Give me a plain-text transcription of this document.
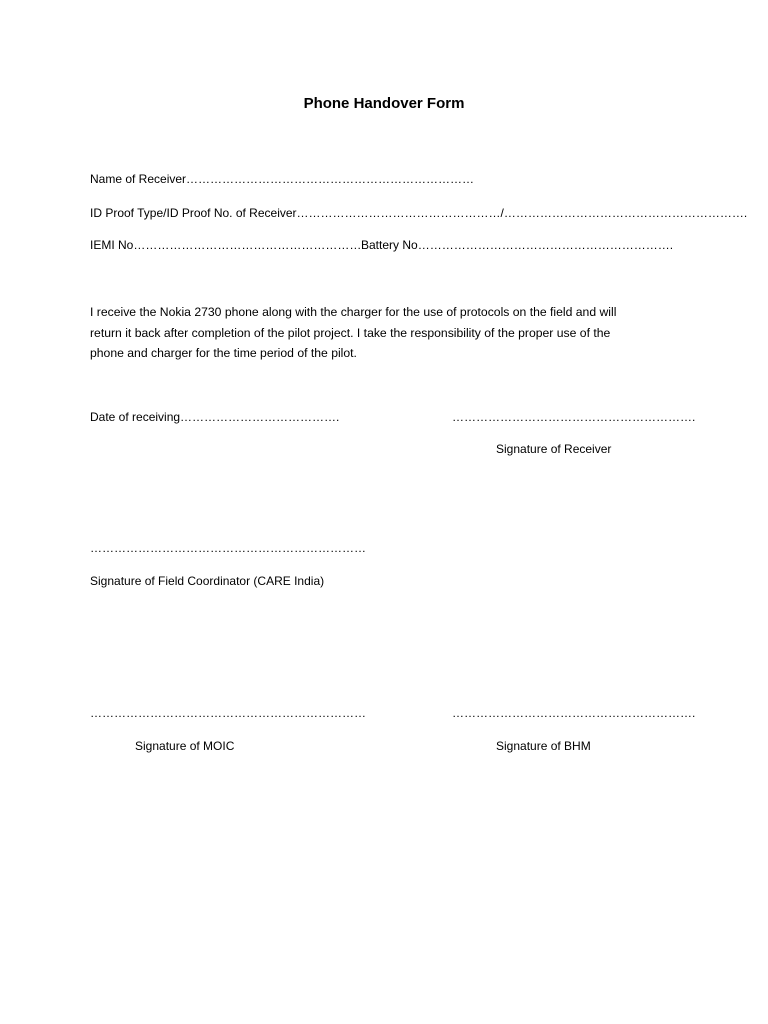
Phone Handover Form
Name of Receiver………………………………………………………………
ID Proof Type/ID Proof No. of Receiver……………………………………………/…………………………………………………….
IEMI No………………………………………………… Battery No……………………………………………………….
I receive the Nokia 2730 phone along with the charger for the use of protocols on the field and will
return it back after completion of the pilot project. I take the responsibility of the proper use of the
phone and charger for the time period of the pilot.
Date of receiving………………………………….	…………………………………………………….
Signature of Receiver
……………………………………………………………
Signature of Field Coordinator (CARE India)
……………………………………………………………	…………………………………………………….
Signature of MOIC	Signature of BHM
